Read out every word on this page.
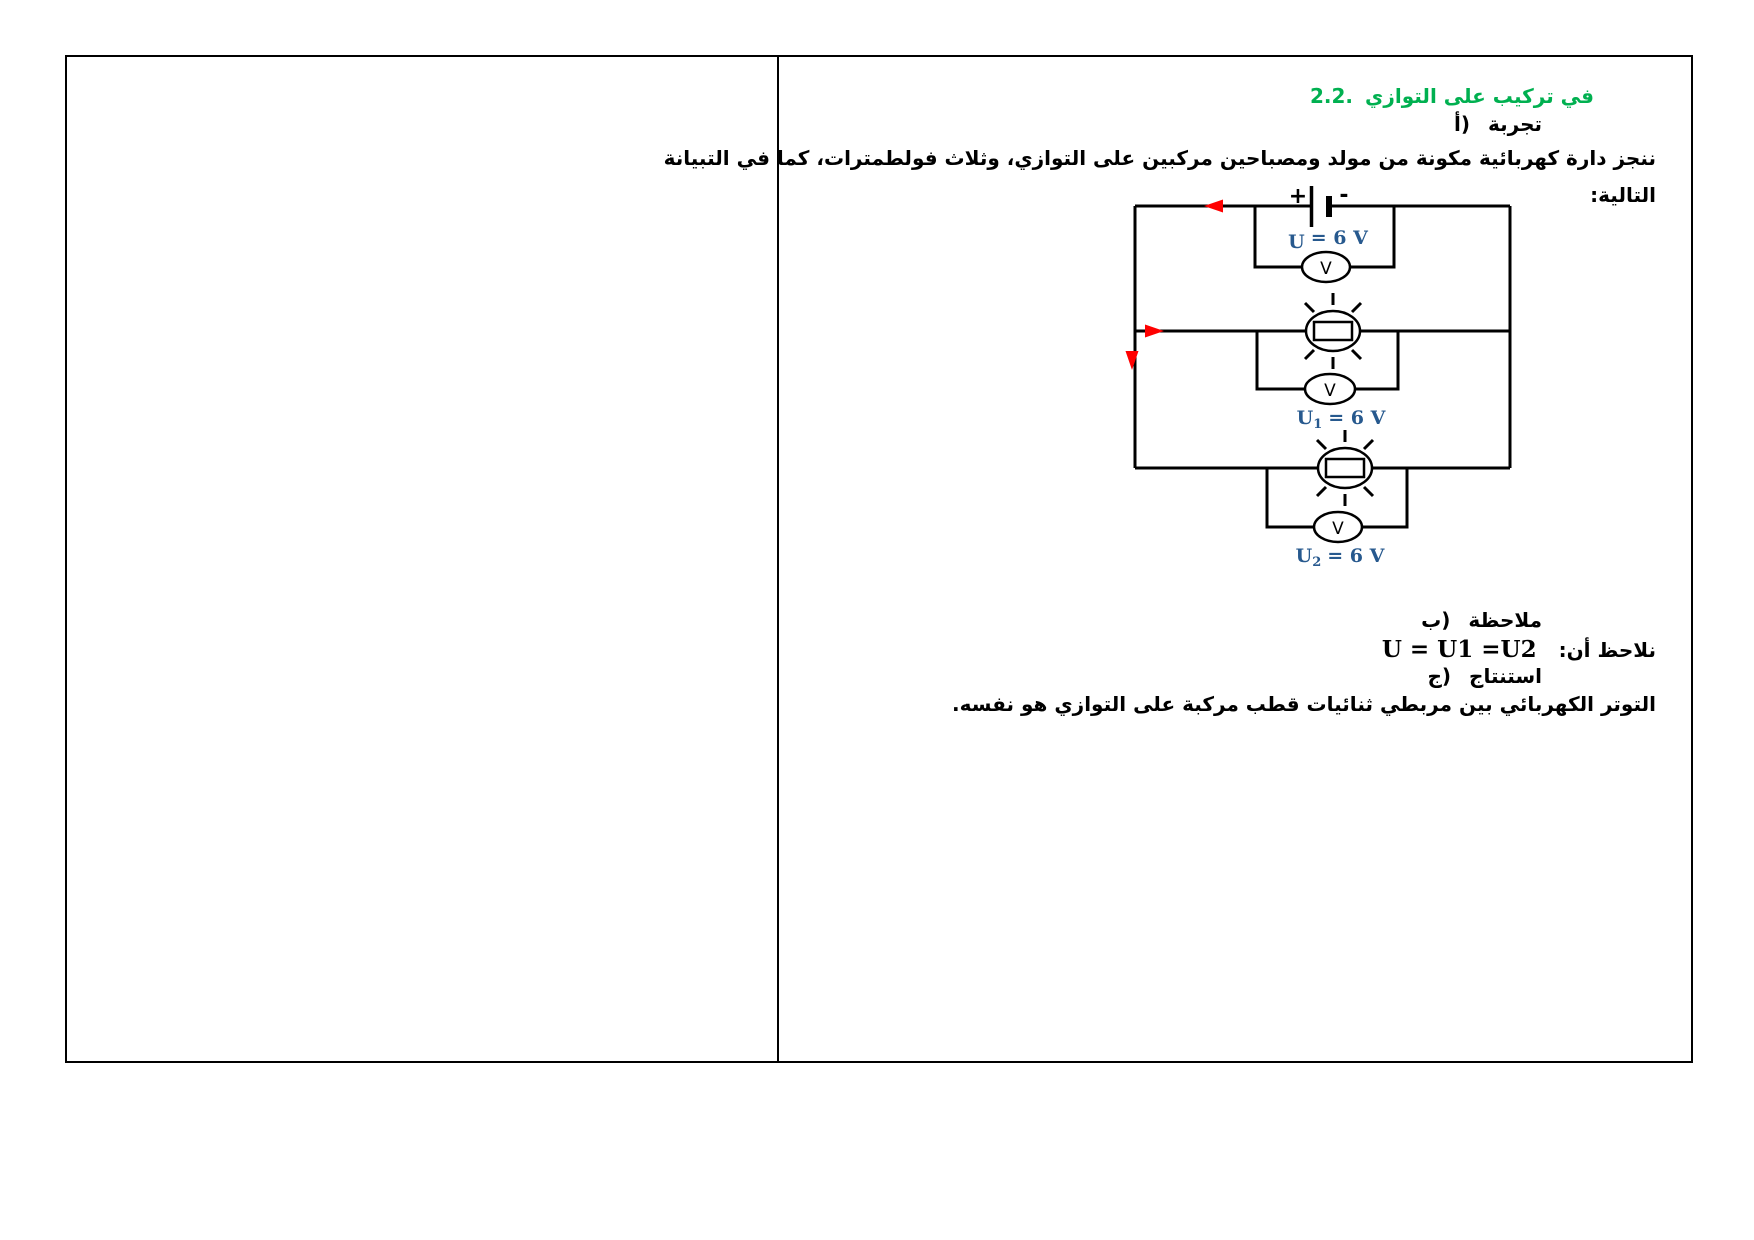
2.2. في تركيب على التوازي
أ) تجربة
ننجز دارة كهربائية مكونة من مولد ومصباحين مركبين على التوازي، وثلاث فولطمترات، كما في التبيانة
التالية:
+ -
V
U = 6 V
V
$U_1 = 6$ V
V
$U_2 = 6$ V
ب) ملاحظة
نلاحظ أن:
U = U1 =U2
ج) استنتاج
التوتر الكهربائي بين مربطي ثنائيات قطب مركبة على التوازي هو نفسه.
